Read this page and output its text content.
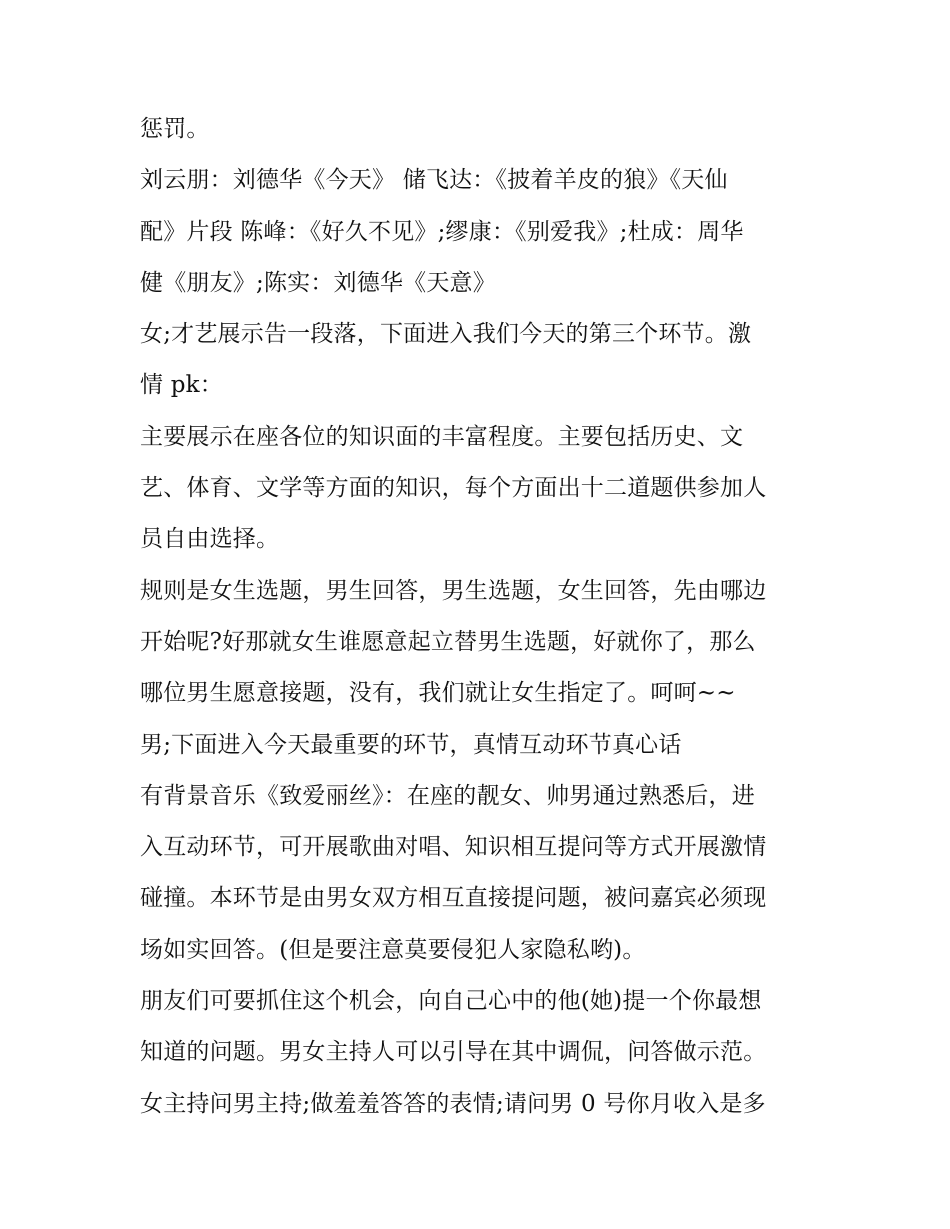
惩罚。
刘云朋：刘德华《今天》 储飞达：《披着羊皮的狼》《天仙
配》片段 陈峰：《好久不见》;缪康：《别爱我》;杜成：周华
健《朋友》;陈实：刘德华《天意》
女;才艺展示告一段落，下面进入我们今天的第三个环节。激
情 pk：
主要展示在座各位的知识面的丰富程度。主要包括历史、文
艺、体育、文学等方面的知识，每个方面出十二道题供参加人
员自由选择。
规则是女生选题，男生回答，男生选题，女生回答，先由哪边
开始呢?好那就女生谁愿意起立替男生选题，好就你了，那么
哪位男生愿意接题，没有，我们就让女生指定了。呵呵~~
男;下面进入今天最重要的环节，真情互动环节真心话
有背景音乐《致爱丽丝》：在座的靓女、帅男通过熟悉后，进
入互动环节，可开展歌曲对唱、知识相互提问等方式开展激情
碰撞。本环节是由男女双方相互直接提问题，被问嘉宾必须现
场如实回答。(但是要注意莫要侵犯人家隐私哟)。
朋友们可要抓住这个机会，向自己心中的他(她)提一个你最想
知道的问题。男女主持人可以引导在其中调侃，问答做示范。
女主持问男主持;做羞羞答答的表情;请问男 0 号你月收入是多
